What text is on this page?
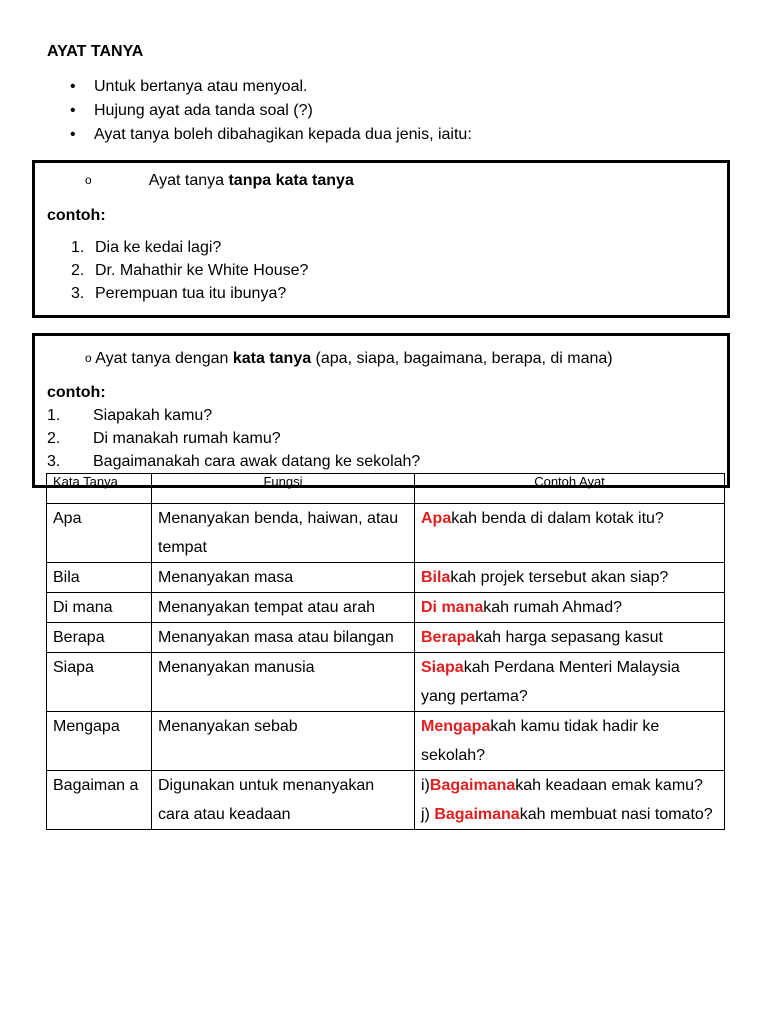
AYAT TANYA
• Untuk bertanya atau menyoal.
• Hujung ayat ada tanda soal (?)
• Ayat tanya boleh dibahagikan kepada dua jenis, iaitu:
o	Ayat tanya tanpa kata tanya
contoh:
1. Dia ke kedai lagi?
2. Dr. Mahathir ke White House?
3. Perempuan tua itu ibunya?
o Ayat tanya dengan kata tanya (apa, siapa, bagaimana, berapa, di mana)
contoh:
1. Siapakah kamu?
2. Di manakah rumah kamu?
3. Bagaimanakah cara awak datang ke sekolah?
Kata Tanya	Fungsi	Contoh Ayat
Apa	Menanyakan benda, haiwan, atau tempat	Apakah benda di dalam kotak itu?
Bila	Menanyakan masa	Bilakah projek tersebut akan siap?
Di mana	Menanyakan tempat atau arah	Di manakah rumah Ahmad?
Berapa	Menanyakan masa atau bilangan	Berapakah harga sepasang kasut
Siapa	Menanyakan manusia	Siapakah Perdana Menteri Malaysia yang pertama?
Mengapa	Menanyakan sebab	Mengapakah kamu tidak hadir ke sekolah?
Bagaiman a	Digunakan untuk menanyakan cara atau keadaan	i)Bagaimanakah keadaan emak kamu?
j) Bagaimanakah membuat nasi tomato?
